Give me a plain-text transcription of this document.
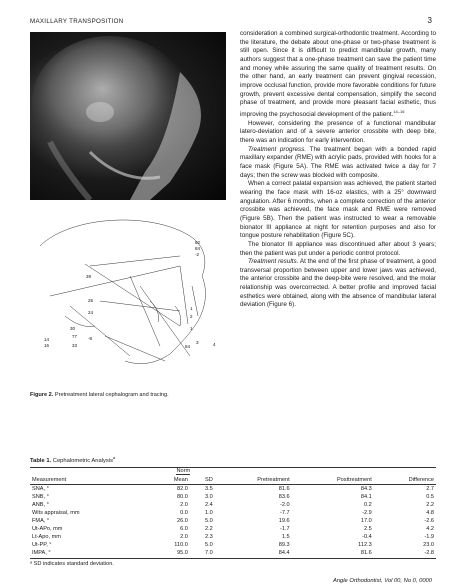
MAXILLARY TRANSPOSITION	3
82
84
-2
39
26
24
30
77
14
16	33
1
2
1
3	4
84
-8
Figure 2. Pretreatment lateral cephalogram and tracing.

consideration a combined surgical-orthodontic treatment. According to the literature, the debate about one-phase or two-phase treatment is still open. Since it is difficult to predict mandibular growth, many authors suggest that a one-phase treatment can save the patient time and money while assuring the same quality of treatment results. On the other hand, an early treatment can prevent gingival recession, improve occlusal function, provide more favorable conditions for future growth, prevent excessive dental compensation, simplify the second phase of treatment, and provide more pleasant facial esthetic, thus improving the psychosocial development of the patient.$^{14-16}$

However, considering the presence of a functional mandibular latero-deviation and of a severe anterior crossbite with deep bite, there was an indication for early intervention.

Treatment progress. The treatment began with a bonded rapid maxillary expander (RME) with acrylic pads, provided with hooks for a face mask (Figure 5A). The RME was activated twice a day for 7 days; then the screw was blocked with composite.

When a correct palatal expansion was achieved, the patient started wearing the face mask with 16-oz elastics, with a 25° downward angulation. After 6 months, when a complete correction of the anterior crossbite was achieved, the face mask and RME were removed (Figure 5B). Then the patient was instructed to wear a removable bionator III appliance at night for retention purposes and also for tongue posture rehabilitation (Figure 5C).

The bionator III appliance was discontinued after about 3 years; then the patient was put under a periodic control protocol.

Treatment results. At the end of the first phase of treatment, a good transversal proportion between upper and lower jaws was achieved, the anterior crossbite and the deep-bite were resolved, and the molar relationship was overcorrected. A better profile and improved facial esthetics were obtained, along with the absence of mandibular lateral deviation (Figure 6).

Table 1. Cephalometric Analysis$^a$
	Norm				
Measurement	Mean	SD	Pretreatment	Posttreatment	Difference
SNA, °	82.0	3.5	81.6	84.3	2.7
SNB, °	80.0	3.0	83.6	84.1	0.5
ANB, °	2.0	2.4	-2.0	0.2	2.2
Wits appraisal, mm	0.0	1.0	-7.7	-2.9	4.8
FMA, °	26.0	5.0	19.6	17.0	-2.6
Ut-APo, mm	6.0	2.2	-1.7	2.5	4.2
Lt-Apo, mm	2.0	2.3	1.5	-0.4	-1.9
Ut-PP, °	110.0	5.0	89.3	112.3	23.0
IMPA, °	95.0	7.0	84.4	81.6	-2.8
ᵃ SD indicates standard deviation.
Angle Orthodontist, Vol 00, No 0, 0000
